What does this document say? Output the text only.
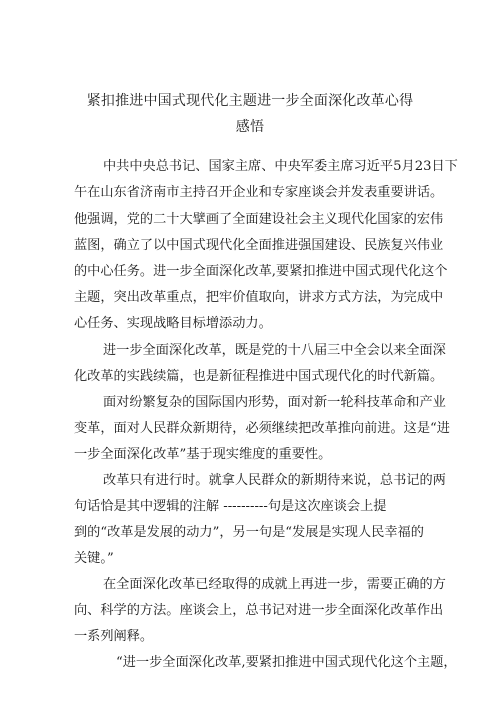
紧扣推进中国式现代化主题进一步全面深化改革心得
感悟
中共中央总书记、国家主席、中央军委主席习近平5月23日下
午在山东省济南市主持召开企业和专家座谈会并发表重要讲话。
他强调，党的二十大擘画了全面建设社会主义现代化国家的宏伟
蓝图，确立了以中国式现代化全面推进强国建设、民族复兴伟业
的中心任务。进一步全面深化改革,要紧扣推进中国式现代化这个
主题，突出改革重点，把牢价值取向，讲求方式方法，为完成中
心任务、实现战略目标增添动力。
进一步全面深化改革，既是党的十八届三中全会以来全面深
化改革的实践续篇，也是新征程推进中国式现代化的时代新篇。
面对纷繁复杂的国际国内形势，面对新一轮科技革命和产业
变革，面对人民群众新期待，必须继续把改革推向前进。这是“进
一步全面深化改革”基于现实维度的重要性。
改革只有进行时。就拿人民群众的新期待来说，总书记的两
句话恰是其中逻辑的注解 ----------句是这次座谈会上提
到的“改革是发展的动力”，另一句是“发展是实现人民幸福的
关键。”
在全面深化改革已经取得的成就上再进一步，需要正确的方
向、科学的方法。座谈会上，总书记对进一步全面深化改革作出
一系列阐释。
“进一步全面深化改革,要紧扣推进中国式现代化这个主题，
